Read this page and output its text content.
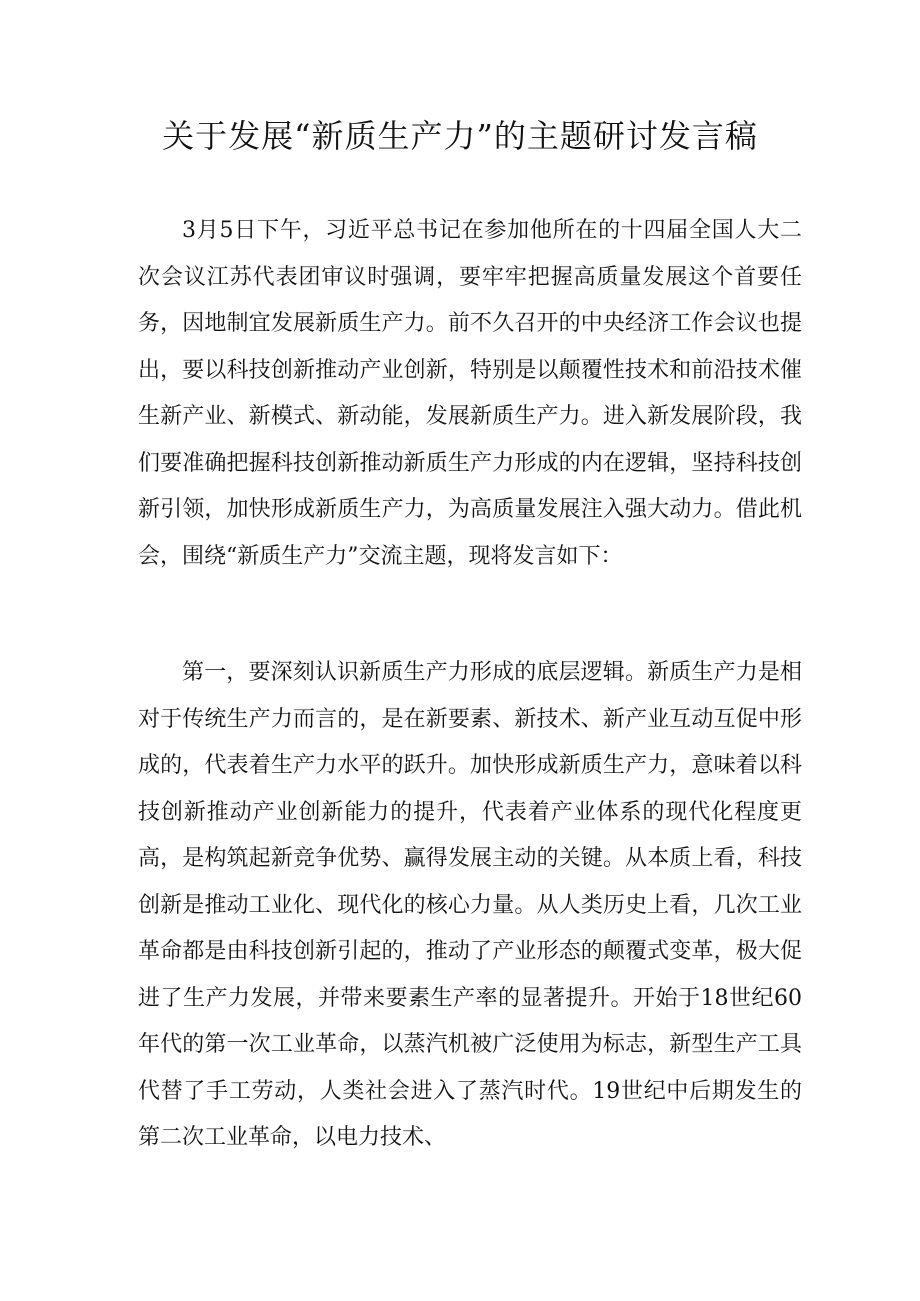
关于发展“新质生产力”的主题研讨发言稿

3月5日下午，习近平总书记在参加他所在的十四届全国人大二次会议江苏代表团审议时强调，要牢牢把握高质量发展这个首要任务，因地制宜发展新质生产力。前不久召开的中央经济工作会议也提出，要以科技创新推动产业创新，特别是以颠覆性技术和前沿技术催生新产业、新模式、新动能，发展新质生产力。进入新发展阶段，我们要准确把握科技创新推动新质生产力形成的内在逻辑，坚持科技创新引领，加快形成新质生产力，为高质量发展注入强大动力。借此机会，围绕“新质生产力”交流主题，现将发言如下：

第一，要深刻认识新质生产力形成的底层逻辑。新质生产力是相对于传统生产力而言的，是在新要素、新技术、新产业互动互促中形成的，代表着生产力水平的跃升。加快形成新质生产力，意味着以科技创新推动产业创新能力的提升，代表着产业体系的现代化程度更高，是构筑起新竞争优势、赢得发展主动的关键。从本质上看，科技创新是推动工业化、现代化的核心力量。从人类历史上看，几次工业革命都是由科技创新引起的，推动了产业形态的颠覆式变革，极大促进了生产力发展，并带来要素生产率的显著提升。开始于18世纪60年代的第一次工业革命，以蒸汽机被广泛使用为标志，新型生产工具代替了手工劳动，人类社会进入了蒸汽时代。19世纪中后期发生的第二次工业革命，以电力技术、
